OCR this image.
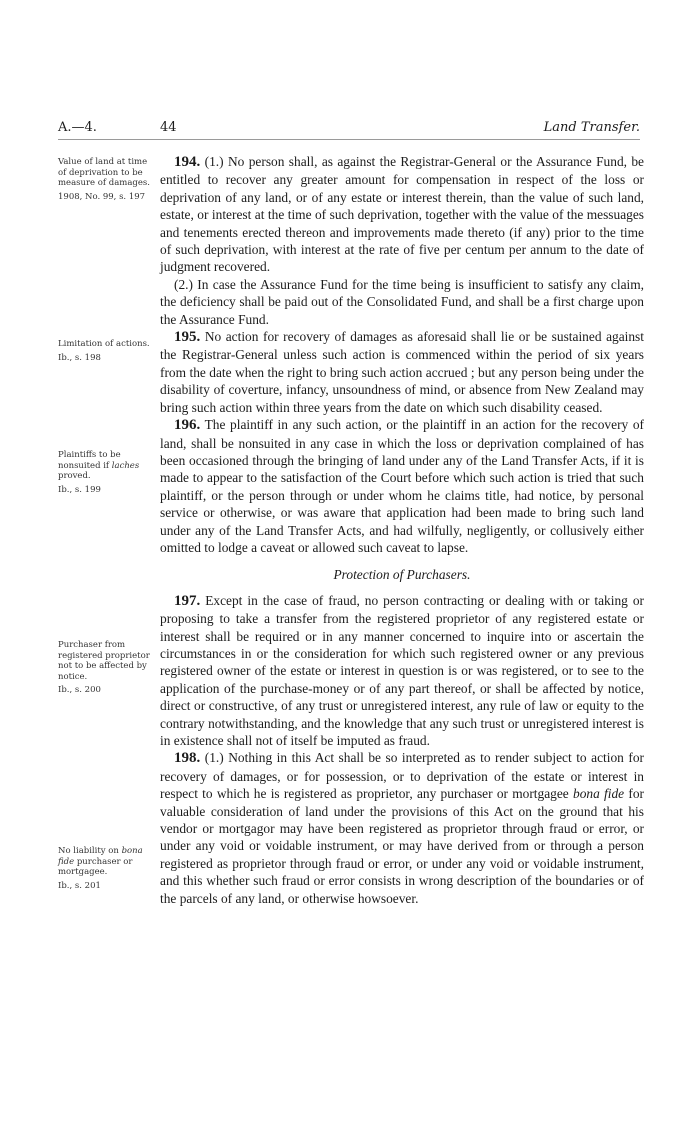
A.—4.	44	Land Transfer.
Value of land at time of deprivation to be measure of damages.
1908, No. 99, s. 197
Limitation of actions.
Ib., s. 198
Plaintiffs to be nonsuited if laches proved.
Ib., s. 199
Purchaser from registered proprietor not to be affected by notice.
Ib., s. 200
No liability on bona fide purchaser or mortgagee.
Ib., s. 201

194. (1.) No person shall, as against the Registrar-General or the Assurance Fund, be entitled to recover any greater amount for compensation in respect of the loss or deprivation of any land, or of any estate or interest therein, than the value of such land, estate, or interest at the time of such deprivation, together with the value of the messuages and tenements erected thereon and improvements made thereto (if any) prior to the time of such deprivation, with interest at the rate of five per centum per annum to the date of judgment recovered.

(2.) In case the Assurance Fund for the time being is insufficient to satisfy any claim, the deficiency shall be paid out of the Consolidated Fund, and shall be a first charge upon the Assurance Fund.

195. No action for recovery of damages as aforesaid shall lie or be sustained against the Registrar-General unless such action is commenced within the period of six years from the date when the right to bring such action accrued ; but any person being under the disability of coverture, infancy, unsoundness of mind, or absence from New Zealand may bring such action within three years from the date on which such disability ceased.

196. The plaintiff in any such action, or the plaintiff in an action for the recovery of land, shall be nonsuited in any case in which the loss or deprivation complained of has been occasioned through the bringing of land under any of the Land Transfer Acts, if it is made to appear to the satisfaction of the Court before which such action is tried that such plaintiff, or the person through or under whom he claims title, had notice, by personal service or otherwise, or was aware that application had been made to bring such land under any of the Land Transfer Acts, and had wilfully, negligently, or collusively either omitted to lodge a caveat or allowed such caveat to lapse.

Protection of Purchasers.

197. Except in the case of fraud, no person contracting or dealing with or taking or proposing to take a transfer from the registered proprietor of any registered estate or interest shall be required or in any manner concerned to inquire into or ascertain the circumstances in or the consideration for which such registered owner or any previous registered owner of the estate or interest in question is or was registered, or to see to the application of the purchase-money or of any part thereof, or shall be affected by notice, direct or constructive, of any trust or unregistered interest, any rule of law or equity to the contrary notwithstanding, and the knowledge that any such trust or unregistered interest is in existence shall not of itself be imputed as fraud.

198. (1.) Nothing in this Act shall be so interpreted as to render subject to action for recovery of damages, or for possession, or to deprivation of the estate or interest in respect to which he is registered as proprietor, any purchaser or mortgagee bona fide for valuable consideration of land under the provisions of this Act on the ground that his vendor or mortgagor may have been registered as proprietor through fraud or error, or under any void or voidable instrument, or may have derived from or through a person registered as proprietor through fraud or error, or under any void or voidable instrument, and this whether such fraud or error consists in wrong description of the boundaries or of the parcels of any land, or otherwise howsoever.
